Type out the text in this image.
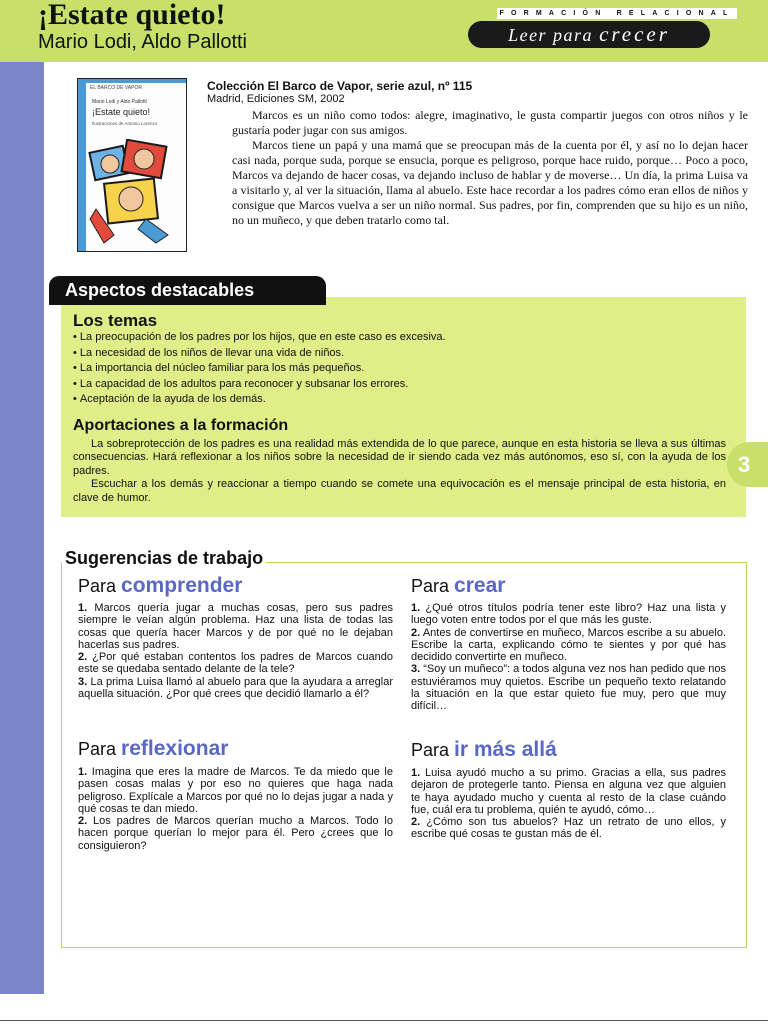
¡Estate quieto!
Mario Lodi, Aldo Pallotti
FORMACIÓN RELACIONAL
Leer para crecer
EL BARCO DE VAPOR
Mario Lodi y Aldo Pallotti
¡Estate quieto!
Ilustraciones de Antonio Lorenzo
Colección El Barco de Vapor, serie azul, nº 115
Madrid, Ediciones SM, 2002

Marcos es un niño como todos: alegre, imaginativo, le gusta compartir juegos con otros niños y le gustaría poder jugar con sus amigos.

Marcos tiene un papá y una mamá que se preocupan más de la cuenta por él, y así no lo dejan hacer casi nada, porque suda, porque se ensucia, porque es peligroso, porque hace ruido, porque… Poco a poco, Marcos va dejando de hacer cosas, va dejando incluso de hablar y de moverse… Un día, la prima Luisa va a visitarlo y, al ver la situación, llama al abuelo. Este hace recordar a los padres cómo eran ellos de niños y consigue que Marcos vuelva a ser un niño normal. Sus padres, por fin, comprenden que su hijo es un niño, no un muñeco, y que deben tratarlo como tal.

Aspectos destacables
Los temas
• La preocupación de los padres por los hijos, que en este caso es excesiva.
• La necesidad de los niños de llevar una vida de niños.
• La importancia del núcleo familiar para los más pequeños.
• La capacidad de los adultos para reconocer y subsanar los errores.
• Aceptación de la ayuda de los demás.
Aportaciones a la formación

La sobreprotección de los padres es una realidad más extendida de lo que parece, aunque en esta historia se lleva a sus últimas consecuencias. Hará reflexionar a los niños sobre la necesidad de ir siendo cada vez más autónomos, eso sí, con la ayuda de los padres.

Escuchar a los demás y reaccionar a tiempo cuando se comete una equivocación es el mensaje principal de esta historia, en clave de humor.

3
Sugerencias de trabajo
Para comprender

1. Marcos quería jugar a muchas cosas, pero sus padres siempre le veían algún problema. Haz una lista de todas las cosas que quería hacer Marcos y de por qué no le dejaban hacerlas sus padres.

2. ¿Por qué estaban contentos los padres de Marcos cuando este se quedaba sentado delante de la tele?

3. La prima Luisa llamó al abuelo para que la ayudara a arreglar aquella situación. ¿Por qué crees que decidió llamarlo a él?

Para crear

1. ¿Qué otros títulos podría tener este libro? Haz una lista y luego voten entre todos por el que más les guste.

2. Antes de convertirse en muñeco, Marcos escribe a su abuelo. Escribe la carta, explicando cómo te sientes y por qué has decidido convertirte en muñeco.

3. “Soy un muñeco”: a todos alguna vez nos han pedido que nos estuviéramos muy quietos. Escribe un pequeño texto relatando la situación en la que estar quieto fue muy, pero que muy difícil…

Para reflexionar

1. Imagina que eres la madre de Marcos. Te da miedo que le pasen cosas malas y por eso no quieres que haga nada peligroso. Explícale a Marcos por qué no lo dejas jugar a nada y qué cosas te dan miedo.

2. Los padres de Marcos querían mucho a Marcos. Todo lo hacen porque querían lo mejor para él. Pero ¿crees que lo consiguieron?

Para ir más allá

1. Luisa ayudó mucho a su primo. Gracias a ella, sus padres dejaron de protegerle tanto. Piensa en alguna vez que alguien te haya ayudado mucho y cuenta al resto de la clase cuándo fue, cuál era tu problema, quién te ayudó, cómo…

2. ¿Cómo son tus abuelos? Haz un retrato de uno ellos, y escribe qué cosas te gustan más de él.
